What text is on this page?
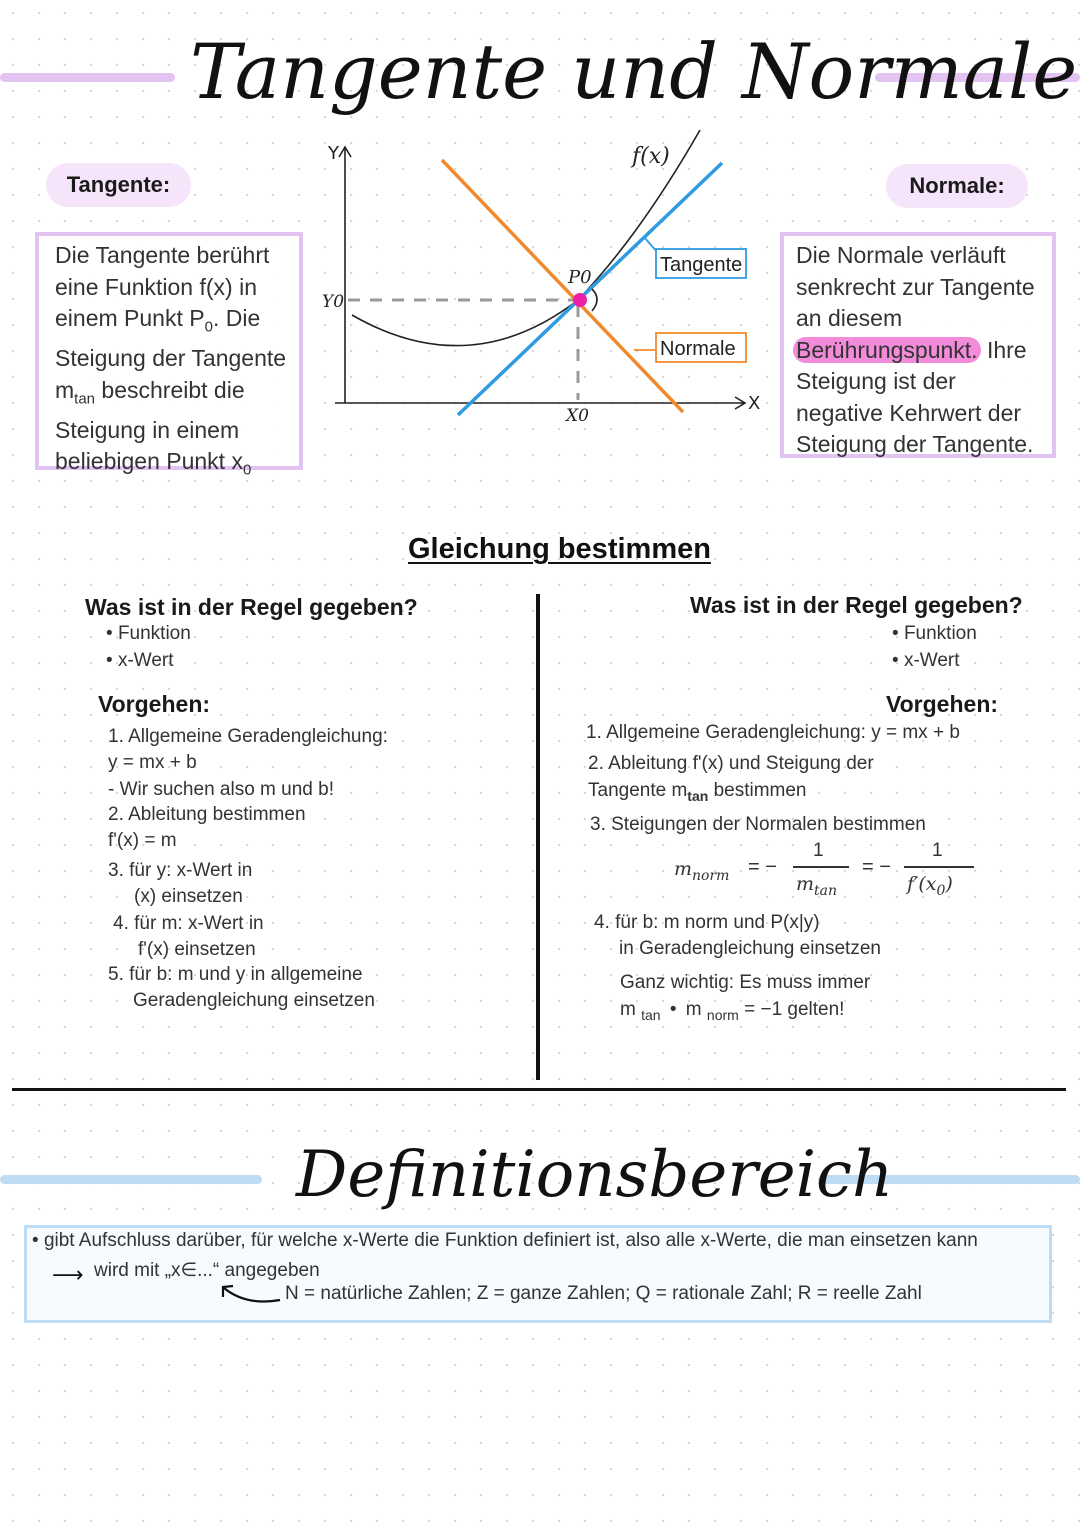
Tangente und Normale
Tangente:
Die Tangente berührt
eine Funktion f(x) in
einem Punkt $P_0$. Die
Steigung der Tangente
$m_{tan}$ beschreibt die
Steigung in einem
beliebigen Punkt $x_0$
Y
X
f(x)
Y0
X0
P0
Tangente
Normale
Normale:
Die Normale verläuft
senkrecht zur Tangente
an diesem
Berührungspunkt. Ihre
Steigung ist der
negative Kehrwert der
Steigung der Tangente.
Gleichung bestimmen
Was ist in der Regel gegeben?
• Funktion
• x-Wert
Vorgehen:
1. Allgemeine Geradengleichung:
y = mx + b
- Wir suchen also m und b!
2. Ableitung bestimmen
f'(x) = m
3. für y: x-Wert in
(x) einsetzen
4. für m: x-Wert in
f'(x) einsetzen
5. für b: m und y in allgemeine
Geradengleichung einsetzen
Was ist in der Regel gegeben?
• Funktion
• x-Wert
Vorgehen:
1. Allgemeine Geradengleichung: y = mx + b
2. Ableitung f'(x) und Steigung der
Tangente $m_{tan}$ bestimmen
3. Steigungen der Normalen bestimmen
$m_{norm}$ = −
1
$m_{tan}$
= −
1
$f'(x_0)$
4. für b: m norm und P(x|y)
in Geradengleichung einsetzen
Ganz wichtig: Es muss immer
m $_{tan}$ • m $_{norm}$ = −1 gelten!
Definitionsbereich
• gibt Aufschluss darüber, für welche x-Werte die Funktion definiert ist, also alle x-Werte, die man einsetzen kann
⟶ wird mit „x∈...“ angegeben
N = natürliche Zahlen; Z = ganze Zahlen; Q = rationale Zahl; R = reelle Zahl
